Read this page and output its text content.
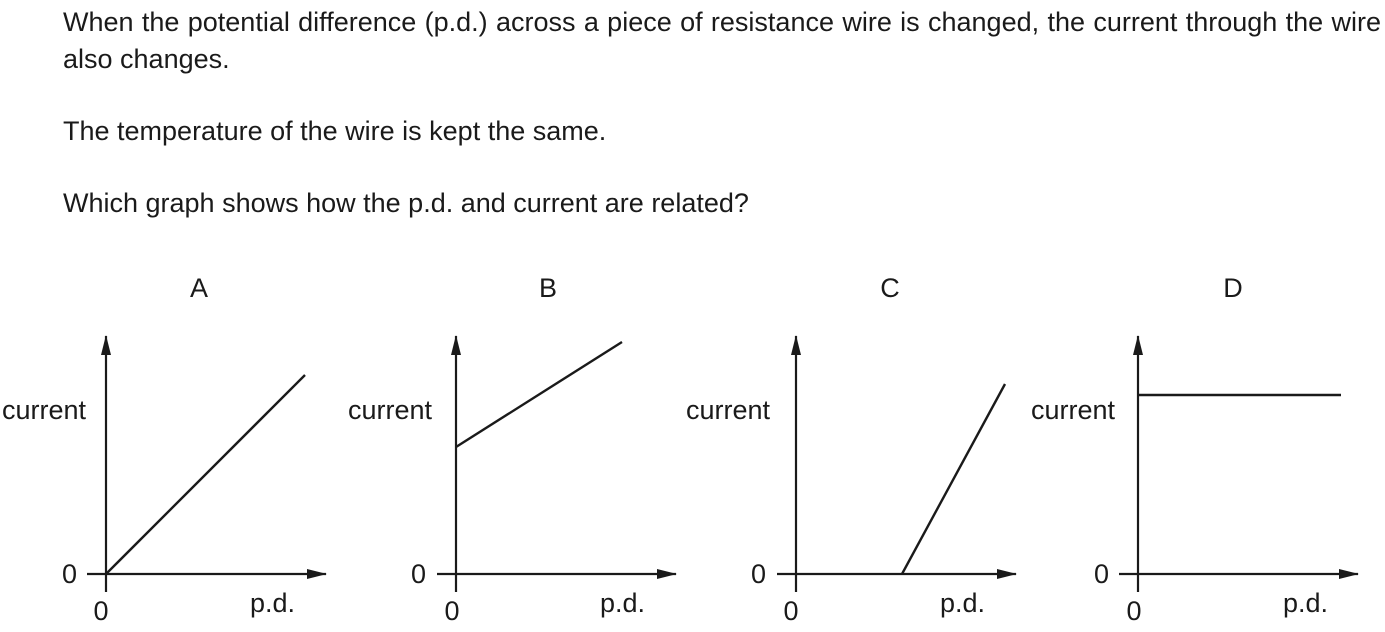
When the potential difference (p.d.) across a piece of resistance wire is changed, the current through the wire also changes.

The temperature of the wire is kept the same.

Which graph shows how the p.d. and current are related?

A
current
0
0	p.d.
B
current
0
0	p.d.
C
current
0
0	p.d.
D
current
0
0	p.d.
